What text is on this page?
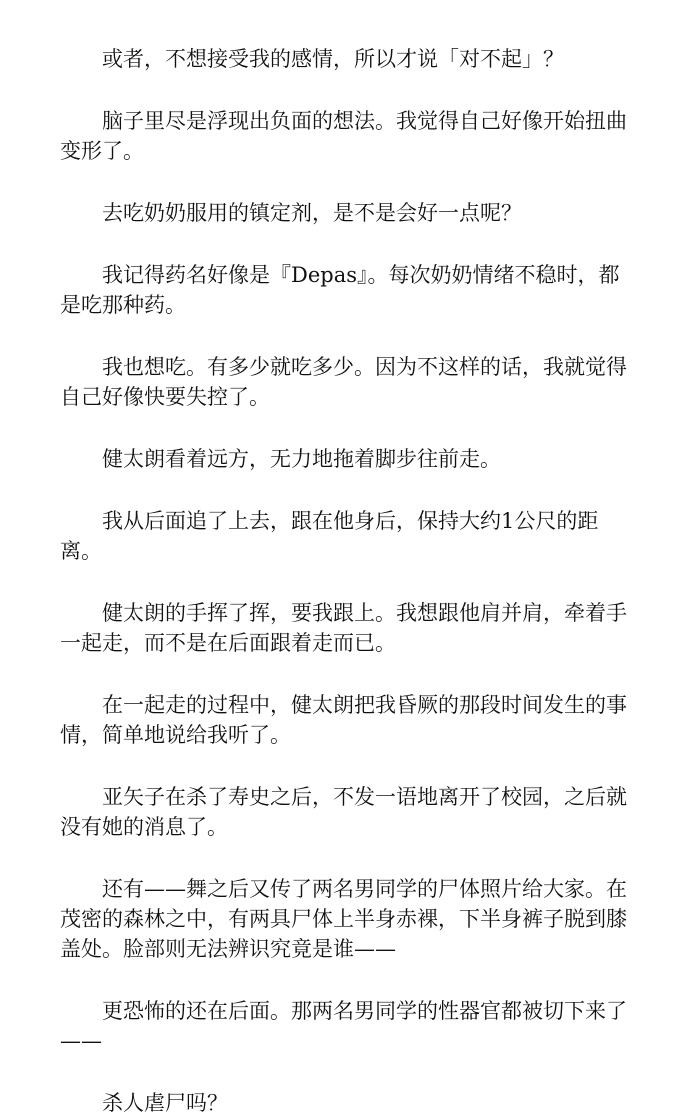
或者，不想接受我的感情，所以才说「对不起」？

脑子里尽是浮现出负面的想法。我觉得自己好像开始扭曲变形了。

去吃奶奶服用的镇定剂，是不是会好一点呢？

我记得药名好像是『Depas』。每次奶奶情绪不稳时，都是吃那种药。

我也想吃。有多少就吃多少。因为不这样的话，我就觉得自己好像快要失控了。

健太朗看着远方，无力地拖着脚步往前走。

我从后面追了上去，跟在他身后，保持大约1公尺的距离。

健太朗的手挥了挥，要我跟上。我想跟他肩并肩，牵着手一起走，而不是在后面跟着走而已。

在一起走的过程中，健太朗把我昏厥的那段时间发生的事情，简单地说给我听了。

亚矢子在杀了寿史之后，不发一语地离开了校园，之后就没有她的消息了。

还有——舞之后又传了两名男同学的尸体照片给大家。在茂密的森林之中，有两具尸体上半身赤裸，下半身裤子脱到膝盖处。脸部则无法辨识究竟是谁——

更恐怖的还在后面。那两名男同学的性器官都被切下来了——

杀人虐尸吗？
